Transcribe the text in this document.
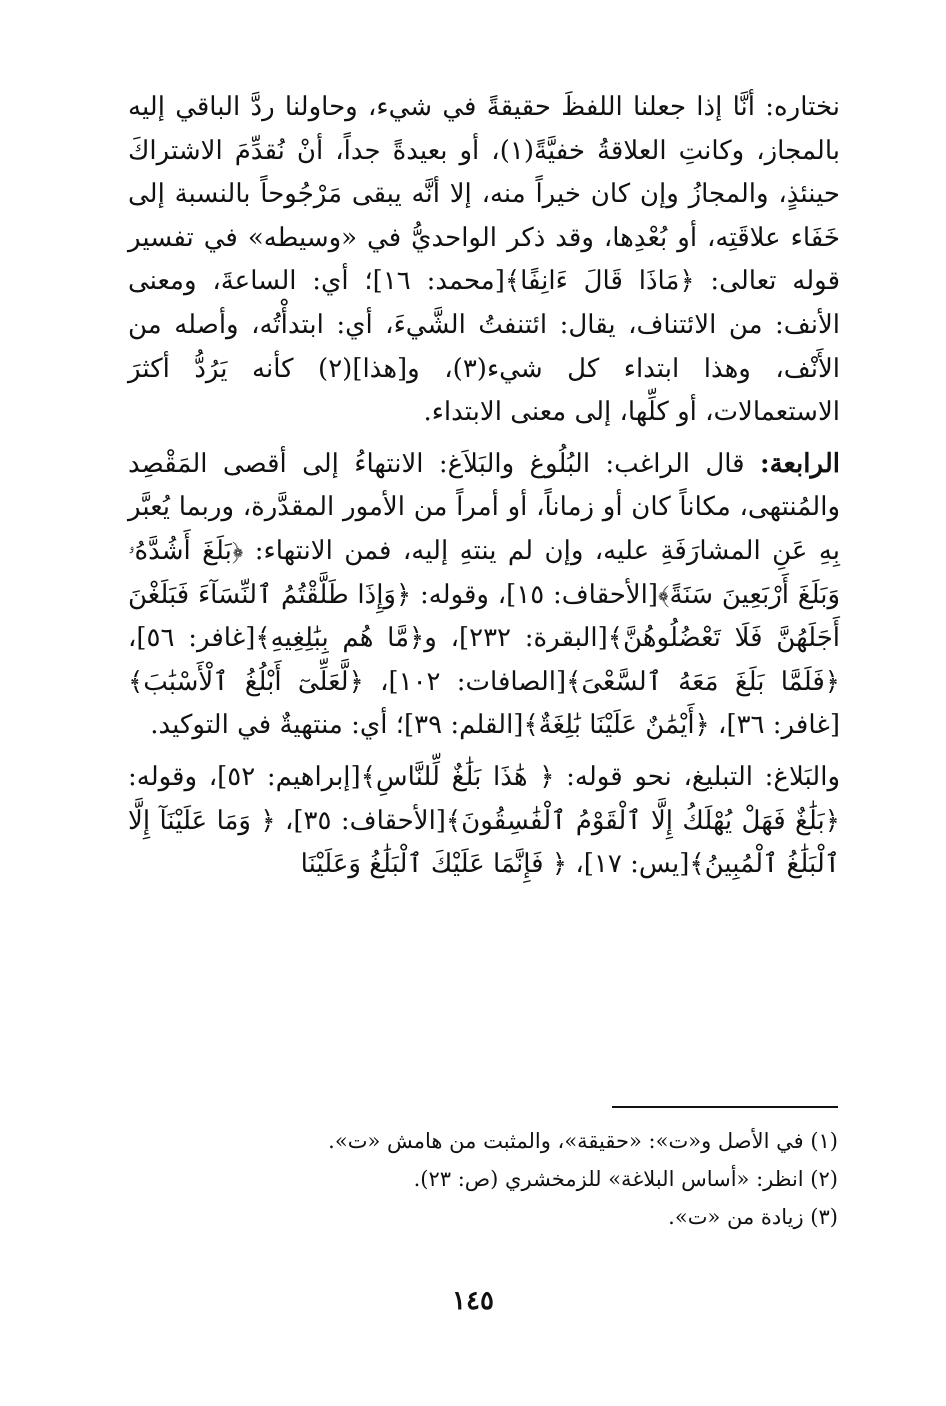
نختاره: أنَّا إذا جعلنا اللفظَ حقيقةً في شيء، وحاولنا ردَّ الباقي إليه بالمجاز، وكانتِ العلاقةُ خفيَّةً(١)، أو بعيدةً جداً، أنْ نُقدِّمَ الاشتراكَ حينئذٍ، والمجازُ وإن كان خيراً منه، إلا أنَّه يبقى مَرْجُوحاً بالنسبة إلى خَفَاء علاقَتِه، أو بُعْدِها، وقد ذكر الواحديُّ في «وسيطه» في تفسير قوله تعالى: ﴿مَاذَا قَالَ ءَانِفًا﴾[محمد: ١٦]؛ أي: الساعةَ، ومعنى الأنف: من الائتناف، يقال: ائتنفتُ الشَّيءَ، أي: ابتدأْتُه، وأصله من الأَنْف، وهذا ابتداء كل شيء(٣)، و[هذا](٢) كأنه يَرُدُّ أكثرَ الاستعمالات، أو كلِّها، إلى معنى الابتداء.

الرابعة: قال الراغب: البُلُوغ والبَلاَغ: الانتهاءُ إلى أقصى المَقْصِد والمُنتهى، مكاناً كان أو زماناً، أو أمراً من الأمور المقدَّرة، وربما يُعبَّر بِهِ عَنِ المشارَفَةِ عليه، وإن لم ينتهِ إليه، فمن الانتهاء: ﴿بَلَغَ أَشُدَّهُۥ وَبَلَغَ أَرْبَعِينَ سَنَةً﴾[الأحقاف: ١٥]، وقوله: ﴿وَإِذَا طَلَّقْتُمُ ٱلنِّسَآءَ فَبَلَغْنَ أَجَلَهُنَّ فَلَا تَعْضُلُوهُنَّ﴾[البقرة: ٢٣٢]، و﴿مَّا هُم بِبَٰلِغِيهِ﴾[غافر: ٥٦]، ﴿فَلَمَّا بَلَغَ مَعَهُ ٱلسَّعْىَ﴾[الصافات: ١٠٢]، ﴿لَّعَلِّىٓ أَبْلُغُ ٱلْأَسْبَٰبَ﴾[غافر: ٣٦]، ﴿أَيْمَٰنٌ عَلَيْنَا بَٰلِغَةٌ﴾[القلم: ٣٩]؛ أي: منتهيةٌ في التوكيد.

والبَلاغ: التبليغ، نحو قوله: ﴿ هَٰذَا بَلَٰغٌ لِّلنَّاسِ﴾[إبراهيم: ٥٢]، وقوله: ﴿بَلَٰغٌ فَهَلْ يُهْلَكُ إِلَّا ٱلْقَوْمُ ٱلْفَٰسِقُونَ﴾[الأحقاف: ٣٥]، ﴿ وَمَا عَلَيْنَآ إِلَّا ٱلْبَلَٰغُ ٱلْمُبِينُ﴾[يس: ١٧]، ﴿ فَإِنَّمَا عَلَيْكَ ٱلْبَلَٰغُ وَعَلَيْنَا

(١) في الأصل و«ت»: «حقيقة»، والمثبت من هامش «ت».

(٢) انظر: «أساس البلاغة» للزمخشري (ص: ٢٣).

(٣) زيادة من «ت».

١٤٥
